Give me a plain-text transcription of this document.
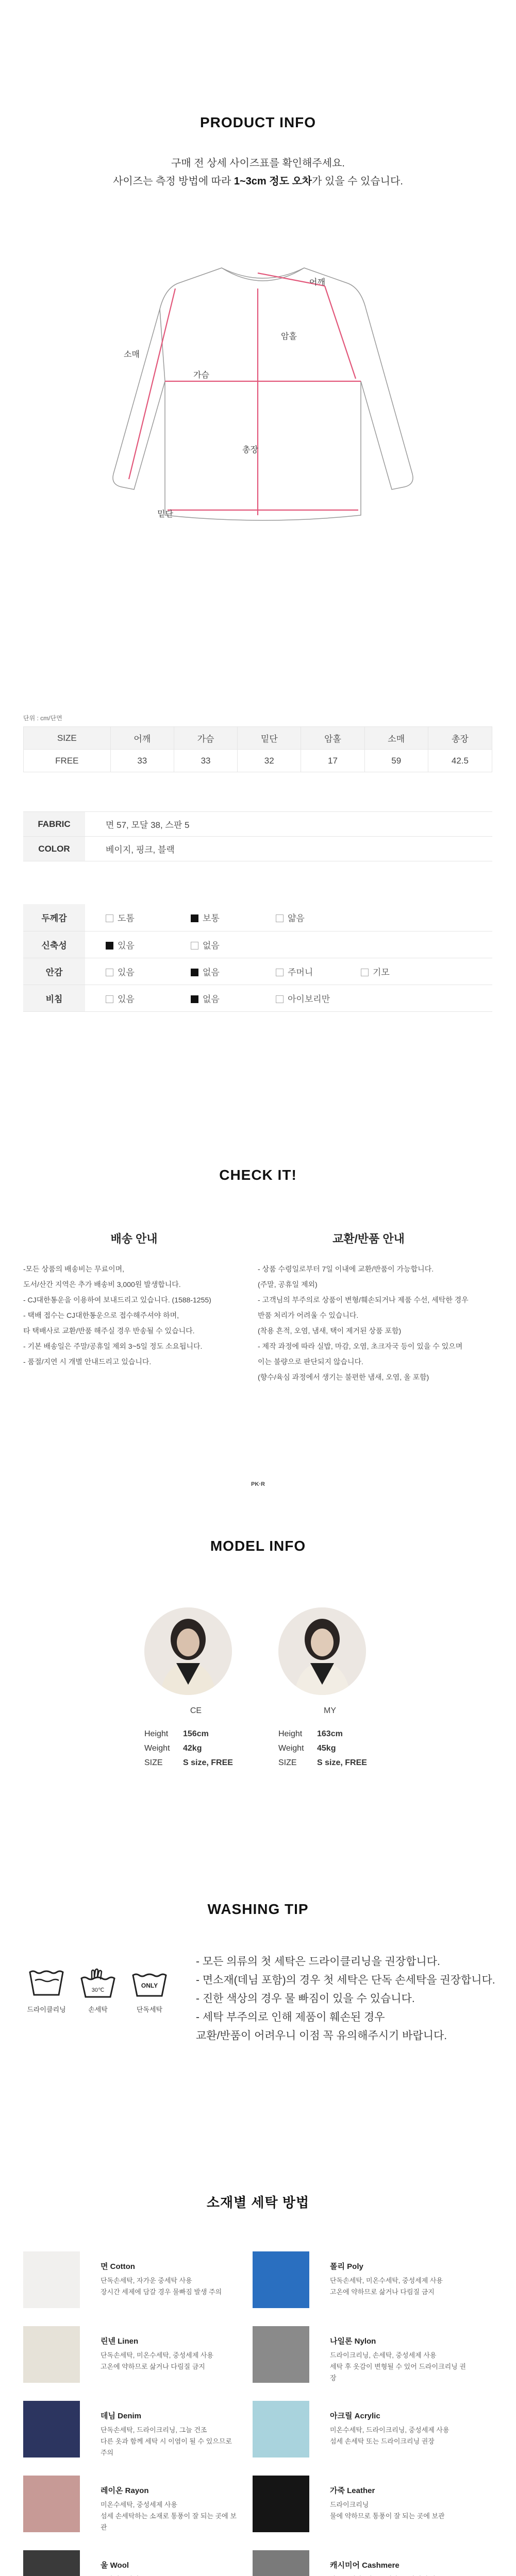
PRODUCT INFO
구매 전 상세 사이즈표를 확인해주세요.
사이즈는 측정 방법에 따라 1~3cm 정도 오차가 있을 수 있습니다.
어깨
소매
가슴
암홀
총장
밑단
단위 : cm/단면
SIZE	어깨	가슴	밑단	암홀	소매	총장
FREE	33	33	32	17	59	42.5
FABRIC	면 57, 모달 38, 스판 5
COLOR	베이지, 핑크, 블랙
두께감	도톰 보통 얇음
신축성	있음 없음
안감	있음 없음 주머니 기모
비침	있음 없음 아이보리만
CHECK IT!
배송 안내
-모든 상품의 배송비는 무료이며,
도서/산간 지역은 추가 배송비 3,000원 발생합니다.
- CJ대한통운을 이용하여 보내드리고 있습니다. (1588-1255)
- 택배 접수는 CJ대한통운으로 접수해주셔야 하며,
타 택배사로 교환/반품 해주실 경우 반송될 수 있습니다.
- 기본 배송일은 주말/공휴일 제외 3~5일 정도 소요됩니다.
- 품절/지연 시 개별 안내드리고 있습니다.
교환/반품 안내
- 상품 수령일로부터 7일 이내에 교환/반품이 가능합니다.
(주말, 공휴일 제외)
- 고객님의 부주의로 상품이 변형/훼손되거나 제품 수선, 세탁한 경우
반품 처리가 어려울 수 있습니다.
(착용 흔적, 오염, 냄새, 택이 제거된 상품 포함)
- 제작 과정에 따라 실밥, 마감, 오염, 초크자국 등이 있을 수 있으며
이는 불량으로 판단되지 않습니다.
(향수/육심 과정에서 생기는 불편한 냄새, 오염, 올 포함)
PK·R
MODEL INFO
CE
Height 156cm
Weight 42kg
SIZE S size, FREE
MY
Height 163cm
Weight 45kg
SIZE S size, FREE
WASHING TIP
드라이클리닝
30℃
손세탁
ONLY
단독세탁
- 모든 의류의 첫 세탁은 드라이클리닝을 권장합니다.
- 면소재(데님 포함)의 경우 첫 세탁은 단독 손세탁을 권장합니다.
- 진한 색상의 경우 물 빠짐이 있을 수 있습니다.
- 세탁 부주의로 인해 제품이 훼손된 경우
교환/반품이 어려우니 이점 꼭 유의해주시기 바랍니다.
소재별 세탁 방법
면 Cotton
단독손세탁, 자가운 중세탁 사용
장시간 세제에 담갈 경우 물빠짐 발생 주의
폴리 Poly
단독손세탁, 미온수세탁, 중성세제 사용
고온에 약하므로 삶거나 다림질 금지
린넨 Linen
단독손세탁, 미온수세탁, 중성세제 사용
고온에 약하므로 삶거나 다림질 금지
나일론 Nylon
드라이크리닝, 손세탁, 중성세제 사용
세탁 후 옷감이 변형될 수 있어 드라이크리닝 권장
데님 Denim
단독손세탁, 드라이크리닝, 그늘 건조
다른 옷과 함께 세탁 시 이염이 될 수 있으므로 주의
아크릴 Acrylic
미온수세탁, 드라이크리닝, 중성세제 사용
섬세 손세탁 또는 드라이크리닝 권장
레이온 Rayon
미온수세탁, 중성세제 사용
섬세 손세탁하는 소재로 통풍이 잘 되는 곳에 보관
가죽 Leather
드라이크리닝
물에 약하므로 통풍이 잘 되는 곳에 보관
울 Wool	캐시미어 Cashmere
